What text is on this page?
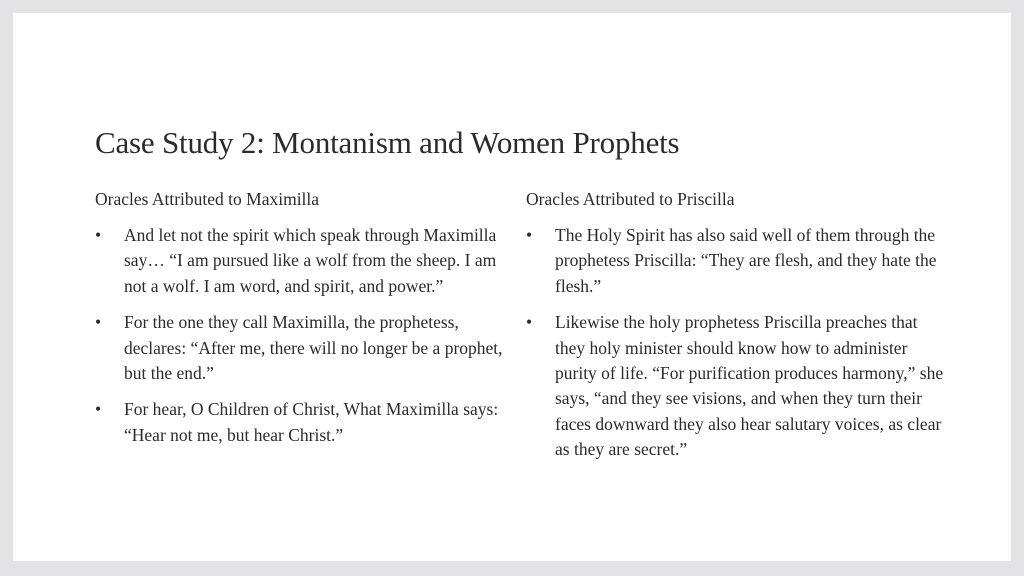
Case Study 2: Montanism and Women Prophets

Oracles Attributed to Maximilla

• And let not the spirit which speak through Maximilla say… “I am pursued like a wolf from the sheep. I am not a wolf. I am word, and spirit, and power.”
• For the one they call Maximilla, the prophetess, declares: “After me, there will no longer be a prophet, but the end.”
• For hear, O Children of Christ, What Maximilla says: “Hear not me, but hear Christ.”

Oracles Attributed to Priscilla

• The Holy Spirit has also said well of them through the prophetess Priscilla: “They are flesh, and they hate the flesh.”
• Likewise the holy prophetess Priscilla preaches that they holy minister should know how to administer purity of life. “For purification produces harmony,” she says, “and they see visions, and when they turn their faces downward they also hear salutary voices, as clear as they are secret.”
